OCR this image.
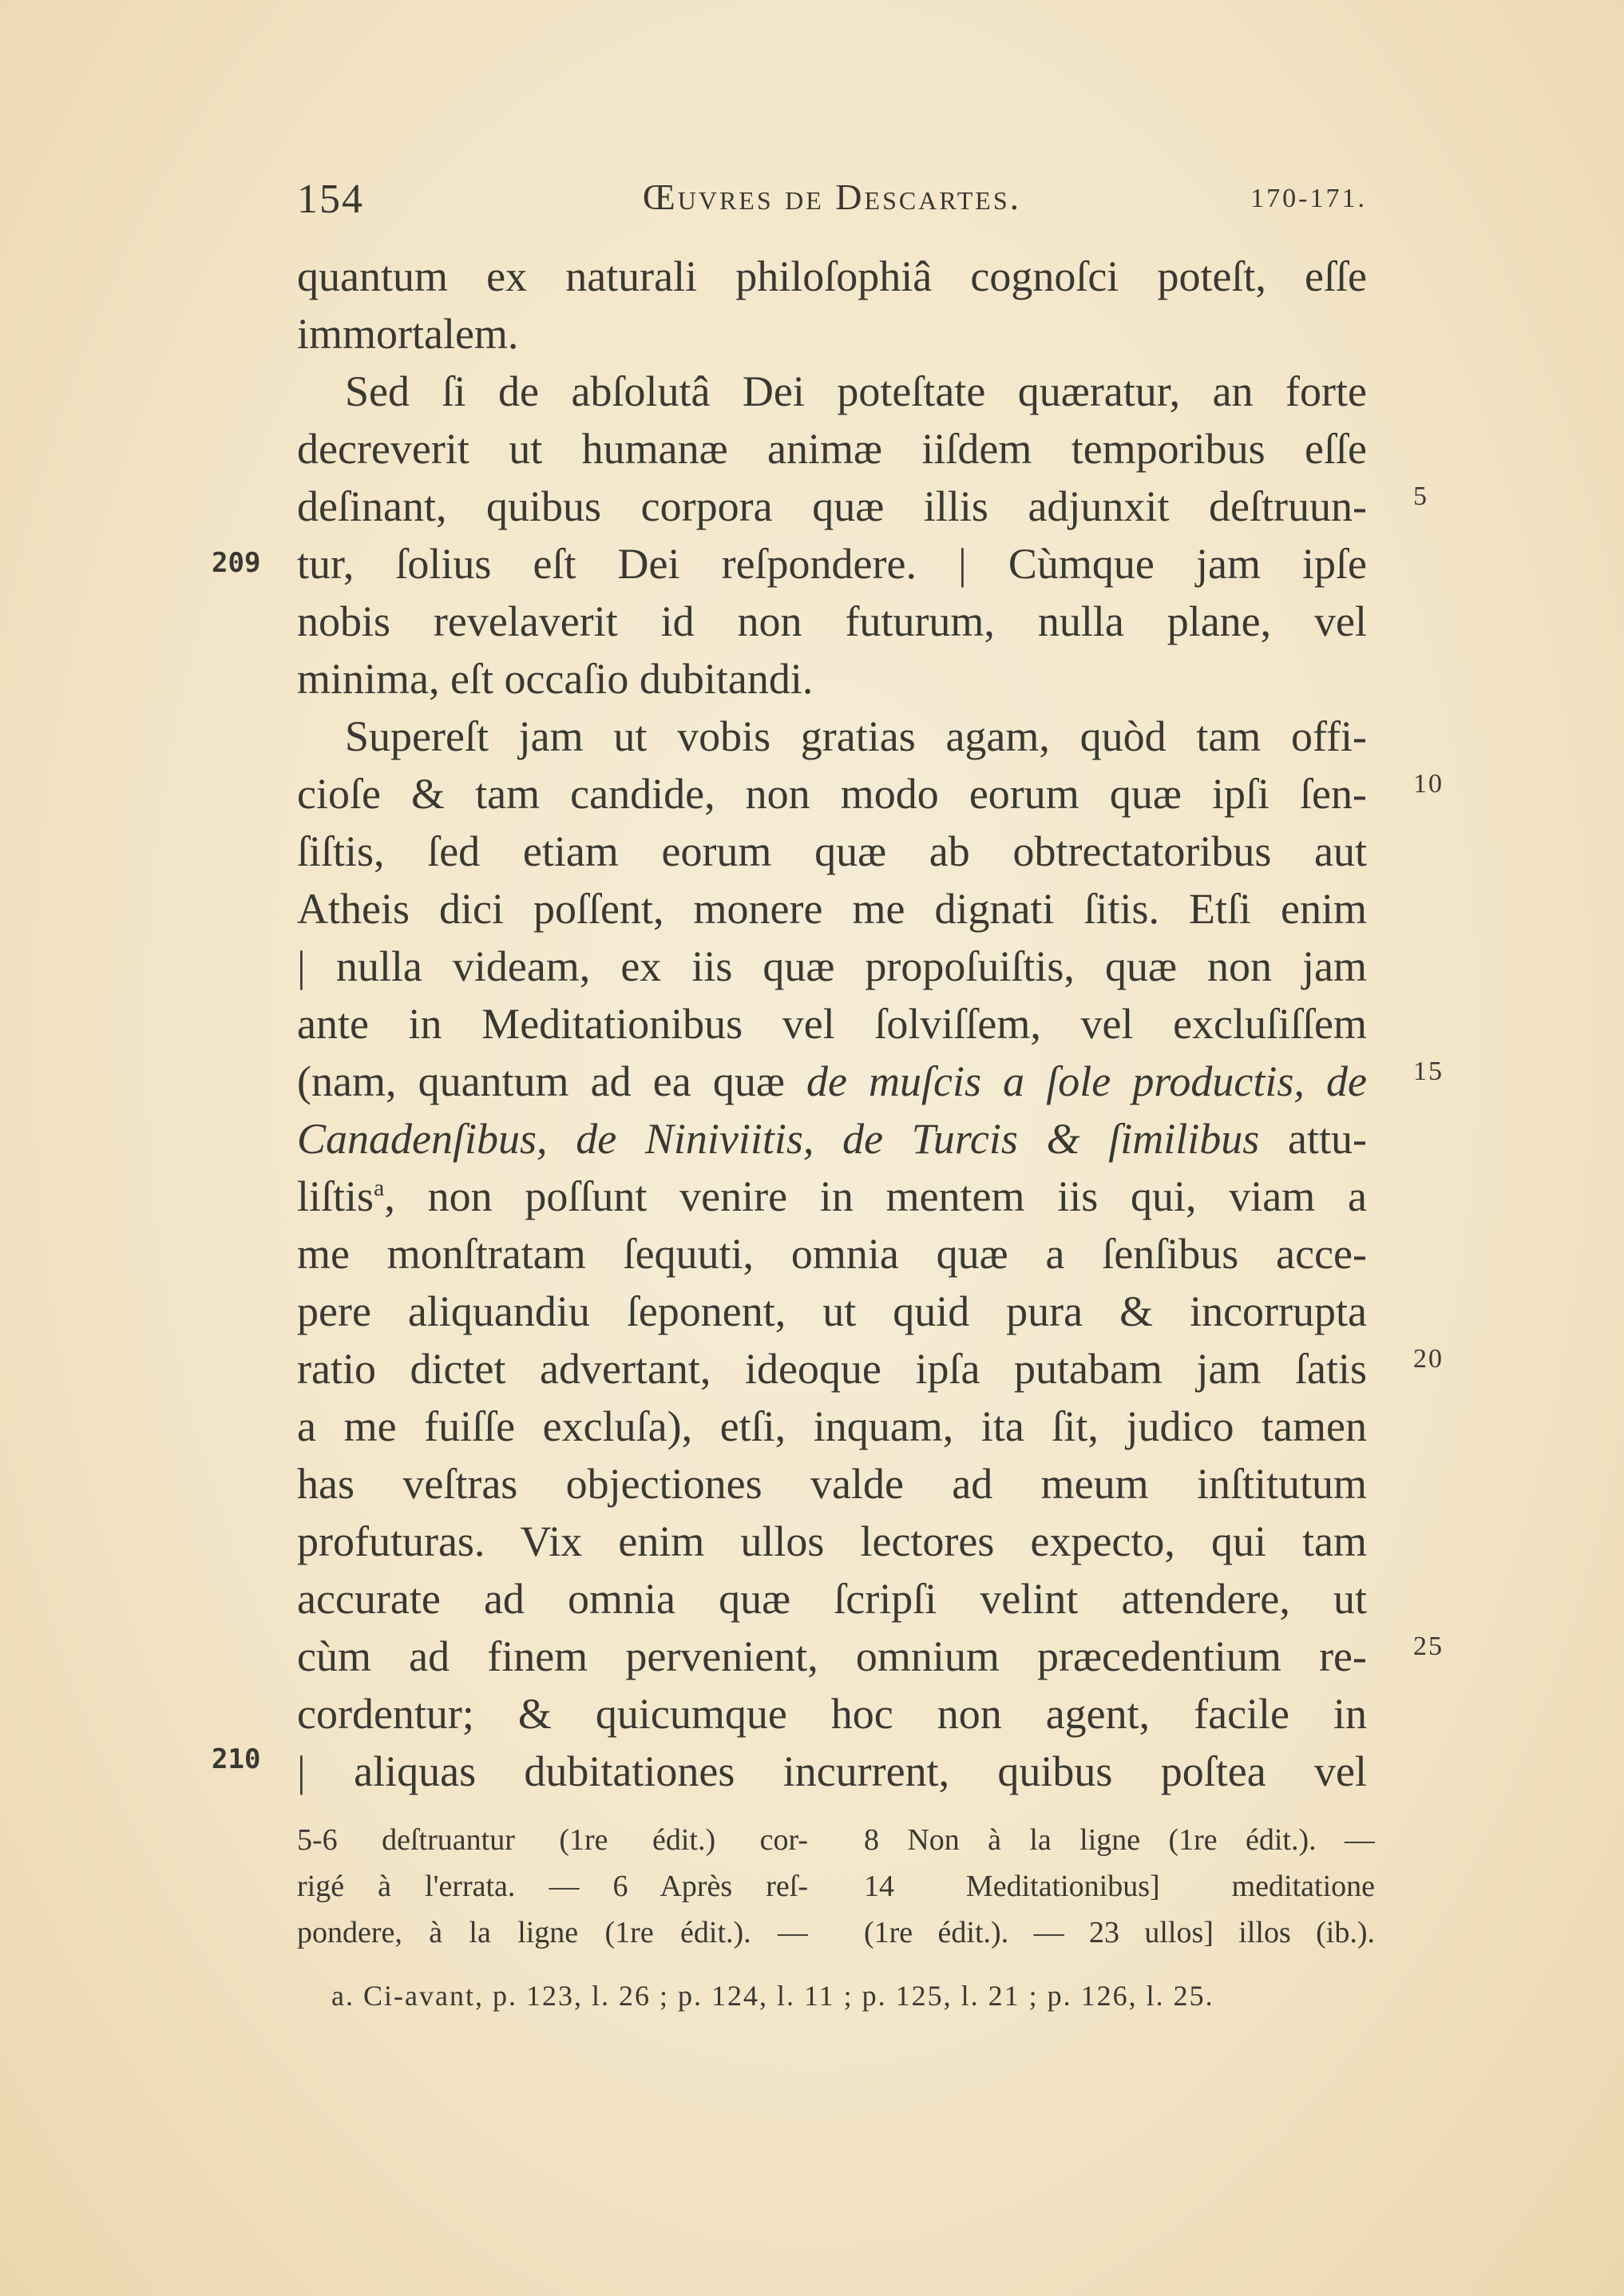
154	Œuvres de Descartes.	170-171.
quantum ex naturali philoſophiâ cognoſci poteſt, eſſe
immortalem.
Sed ſi de abſolutâ Dei poteſtate quæratur, an forte
decreverit ut humanæ animæ iiſdem temporibus eſſe
deſinant, quibus corpora quæ illis adjunxit deſtruun-
tur, ſolius eſt Dei reſpondere. | Cùmque jam ipſe
nobis revelaverit id non futurum, nulla plane, vel
minima, eſt occaſio dubitandi.
Supereſt jam ut vobis gratias agam, quòd tam offi-
cioſe & tam candide, non modo eorum quæ ipſi ſen-
ſiſtis, ſed etiam eorum quæ ab obtrectatoribus aut
Atheis dici poſſent, monere me dignati ſitis. Etſi enim
| nulla videam, ex iis quæ propoſuiſtis, quæ non jam
ante in Meditationibus vel ſolviſſem, vel excluſiſſem
(nam, quantum ad ea quæ de muſcis a ſole productis, de
Canadenſibus, de Niniviitis, de Turcis & ſimilibus attu-
liſtis$^a$, non poſſunt venire in mentem iis qui, viam a
me monſtratam ſequuti, omnia quæ a ſenſibus acce-
pere aliquandiu ſeponent, ut quid pura & incorrupta
ratio dictet advertant, ideoque ipſa putabam jam ſatis
a me fuiſſe excluſa), etſi, inquam, ita ſit, judico tamen
has veſtras objectiones valde ad meum inſtitutum
profuturas. Vix enim ullos lectores expecto, qui tam
accurate ad omnia quæ ſcripſi velint attendere, ut
cùm ad finem pervenient, omnium præcedentium re-
cordentur; & quicumque hoc non agent, facile in
| aliquas dubitationes incurrent, quibus poſtea vel
5
10
15
20
25
209
210
5-6 deſtruantur (1re édit.) cor-
rigé à l'errata. — 6 Après reſ-
pondere, à la ligne (1re édit.). —
8 Non à la ligne (1re édit.). —
14 Meditationibus] meditatione
(1re édit.). — 23 ullos] illos (ib.).
a. Ci-avant, p. 123, l. 26 ; p. 124, l. 11 ; p. 125, l. 21 ; p. 126, l. 25.
